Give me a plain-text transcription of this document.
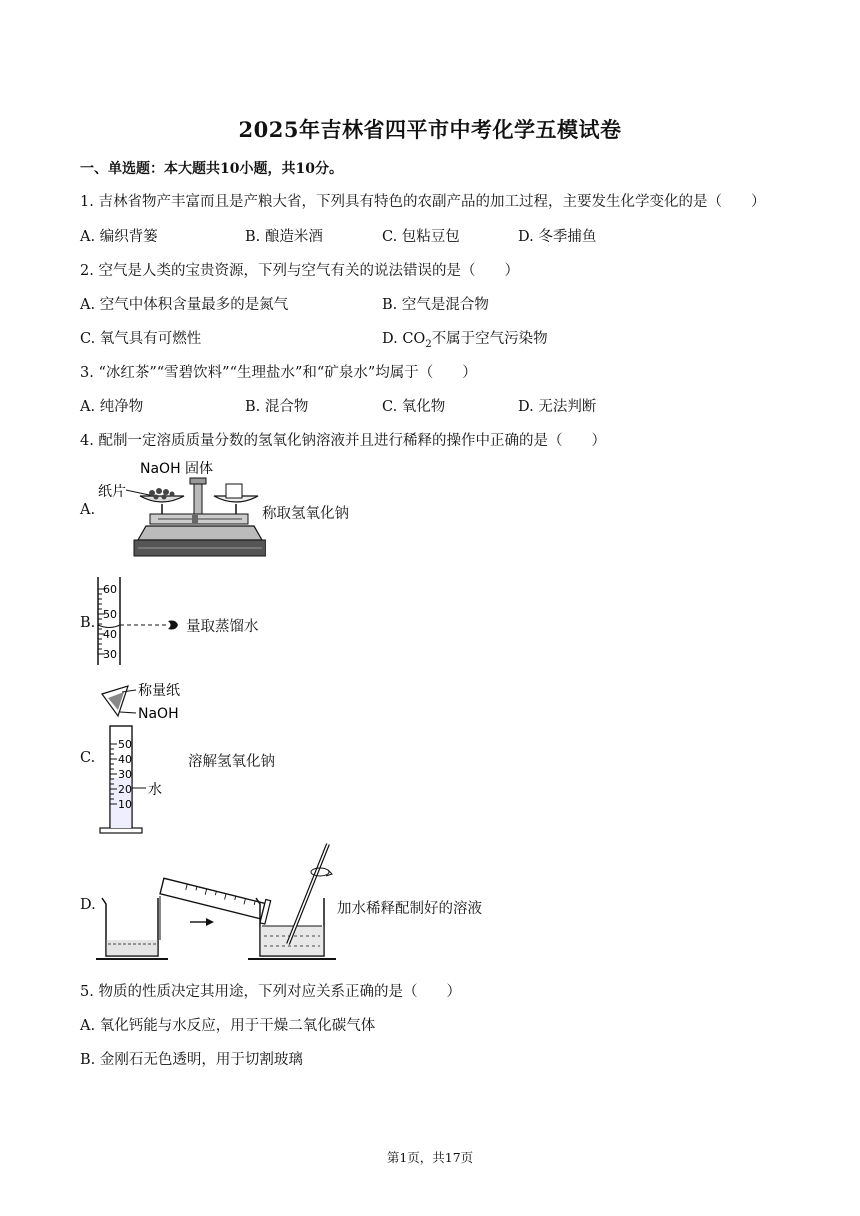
2025年吉林省四平市中考化学五模试卷
一、单选题：本大题共10小题，共10分。
1. 吉林省物产丰富而且是产粮大省，下列具有特色的农副产品的加工过程，主要发生化学变化的是（　　）
A. 编织背篓	B. 酿造米酒	C. 包粘豆包	D. 冬季捕鱼
2. 空气是人类的宝贵资源，下列与空气有关的说法错误的是（　　）
A. 空气中体积含量最多的是氮气	B. 空气是混合物
C. 氧气具有可燃性	D. $CO_2$不属于空气污染物
3. “冰红茶”“雪碧饮料”“生理盐水”和“矿泉水”均属于（　　）
A. 纯净物	B. 混合物	C. 氧化物	D. 无法判断
4. 配制一定溶质质量分数的氢氧化钠溶液并且进行稀释的操作中正确的是（　　）
A.
NaOH 固体
纸片
称取氢氧化钠
B.
60
50
40
30
量取蒸馏水
C.
称量纸
NaOH
50
40
30
20
10
水
溶解氢氧化钠
D.	加水稀释配制好的溶液
5. 物质的性质决定其用途，下列对应关系正确的是（　　）
A. 氧化钙能与水反应，用于干燥二氧化碳气体
B. 金刚石无色透明，用于切割玻璃
第1页，共17页
